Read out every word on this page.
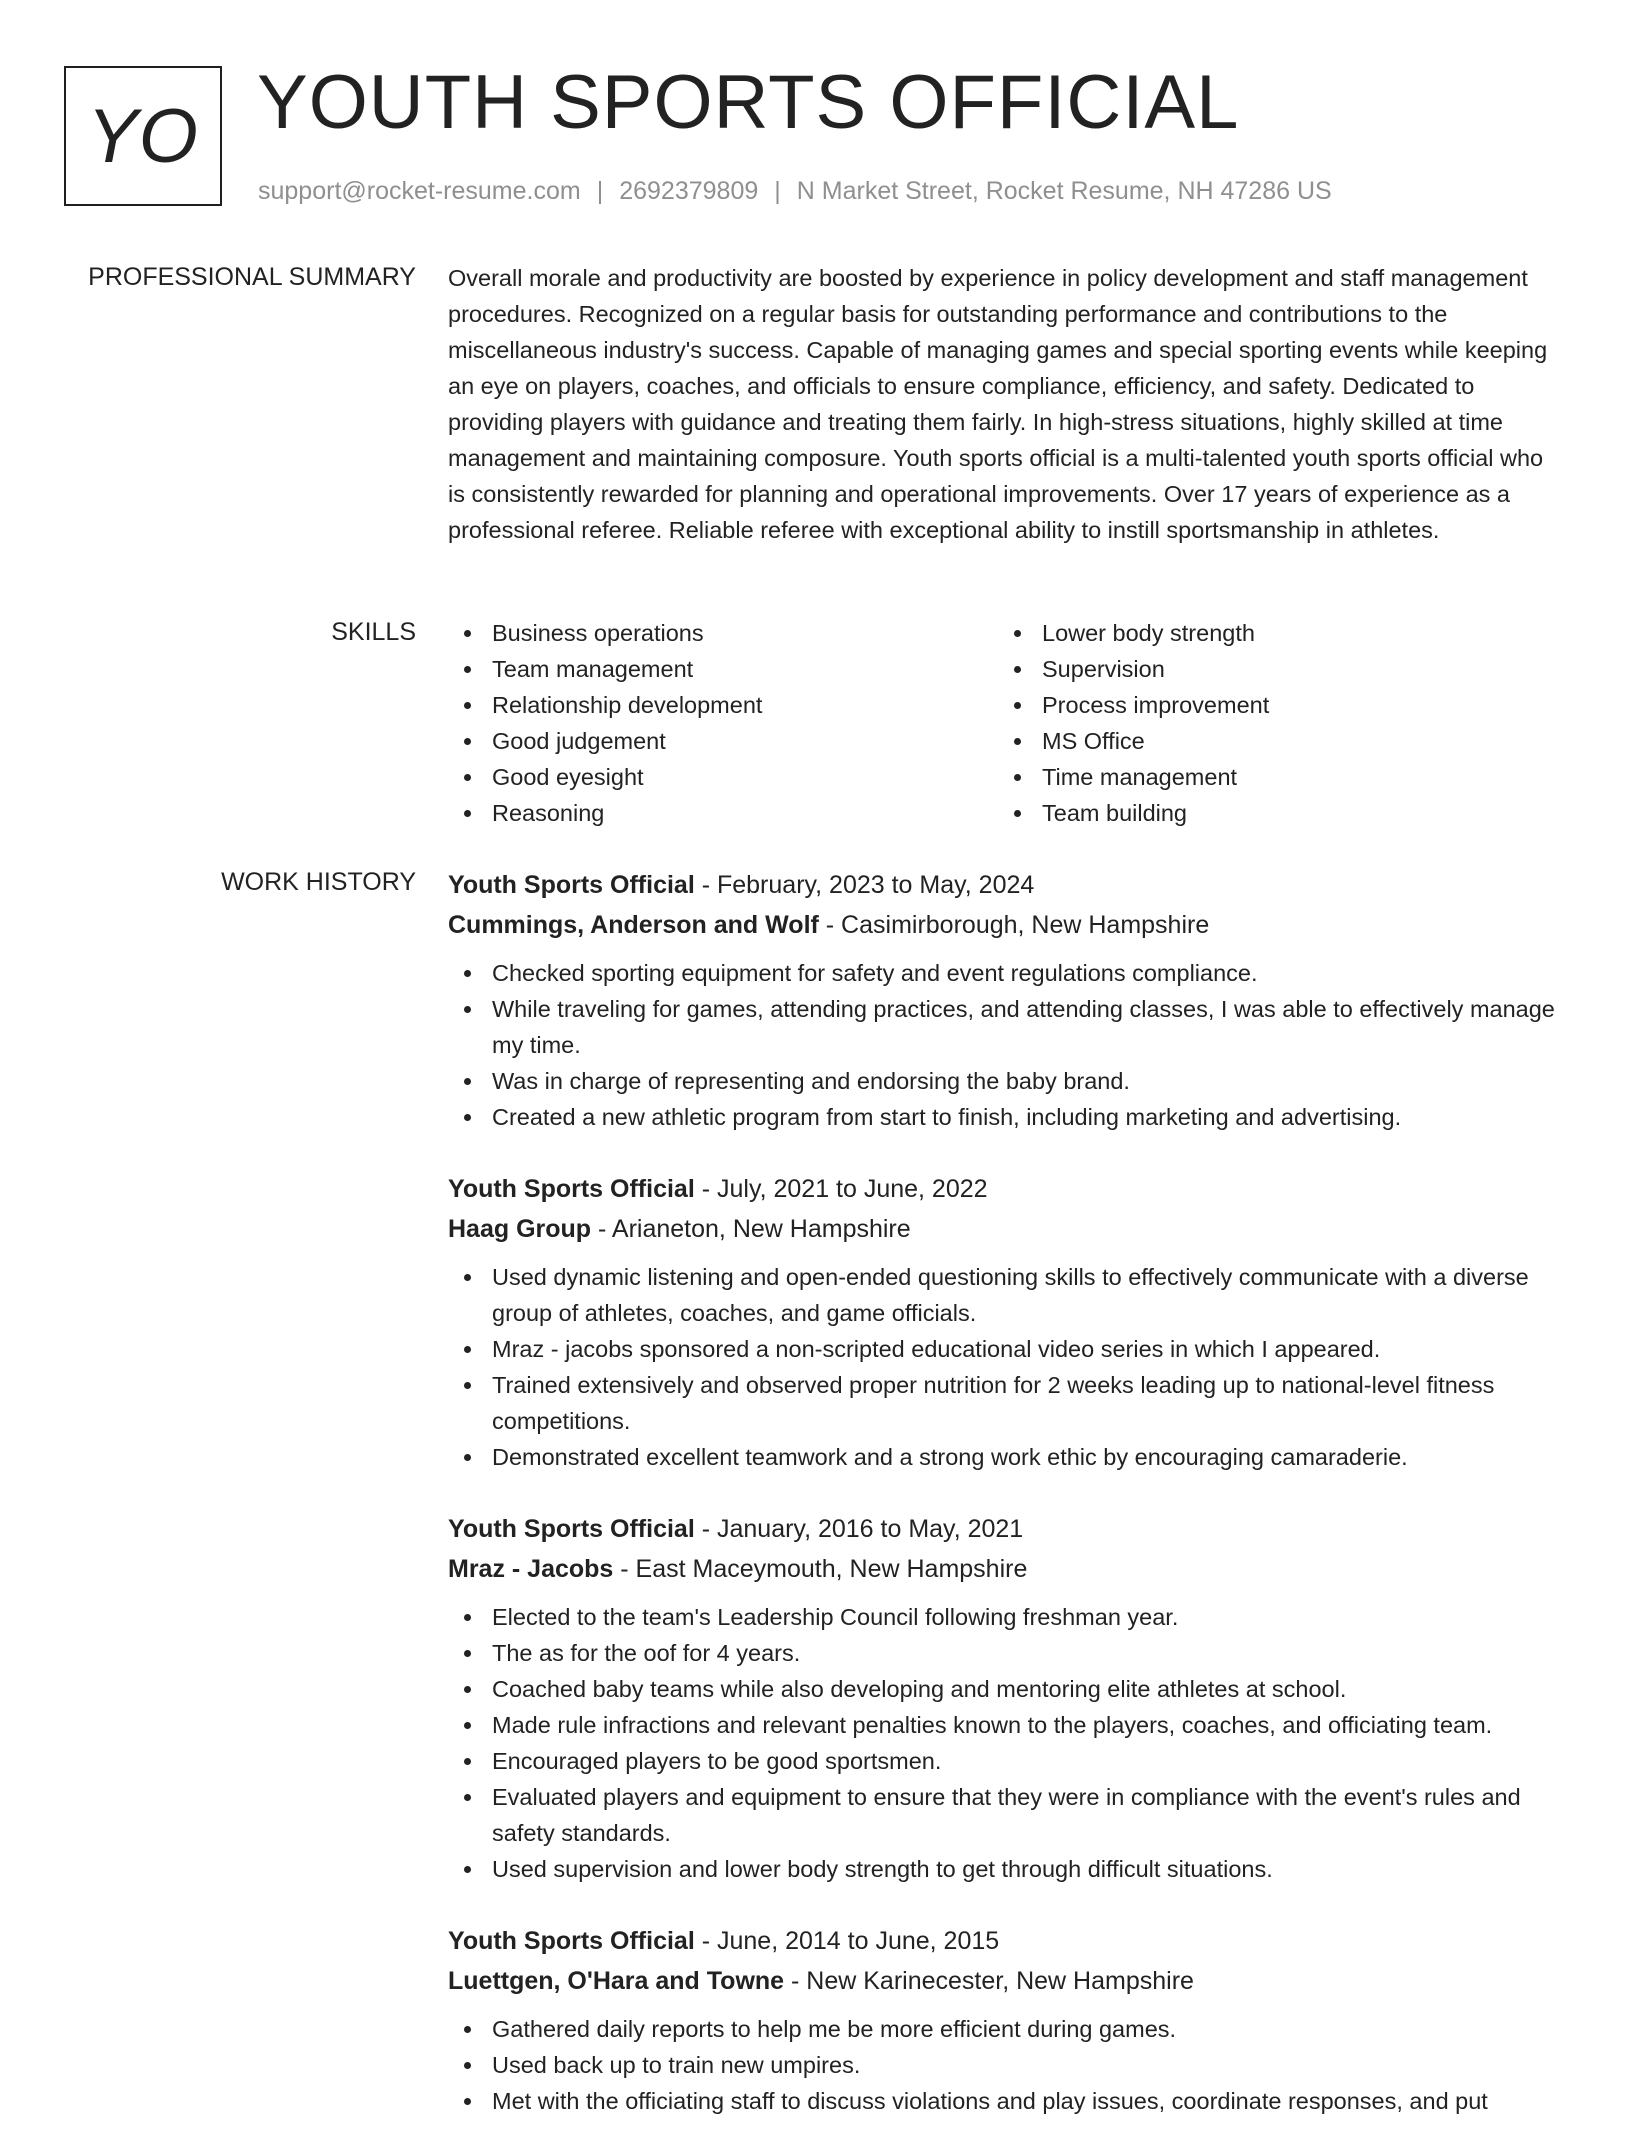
YO YOUTH SPORTS OFFICIAL
support@rocket-resume.com | 2692379809 | N Market Street, Rocket Resume, NH 47286 US
PROFESSIONAL SUMMARY Overall morale and productivity are boosted by experience in policy development and staff management procedures. Recognized on a regular basis for outstanding performance and contributions to the miscellaneous industry's success. Capable of managing games and special sporting events while keeping an eye on players, coaches, and officials to ensure compliance, efficiency, and safety. Dedicated to providing players with guidance and treating them fairly. In high-stress situations, highly skilled at time management and maintaining composure. Youth sports official is a multi-talented youth sports official who is consistently rewarded for planning and operational improvements. Over 17 years of experience as a professional referee. Reliable referee with exceptional ability to instill sportsmanship in athletes.

SKILLS	Business operations
Team management
Relationship development
Good judgement
Good eyesight
Reasoning
Lower body strength
Supervision
Process improvement
MS Office
Time management
Team building
WORK HISTORY Youth Sports Official - February, 2023 to May, 2024
Cummings, Anderson and Wolf - Casimirborough, New Hampshire
Checked sporting equipment for safety and event regulations compliance.
While traveling for games, attending practices, and attending classes, I was able to effectively manage my time.
Was in charge of representing and endorsing the baby brand.
Created a new athletic program from start to finish, including marketing and advertising.
Youth Sports Official - July, 2021 to June, 2022
Haag Group - Arianeton, New Hampshire
Used dynamic listening and open-ended questioning skills to effectively communicate with a diverse group of athletes, coaches, and game officials.
Mraz - jacobs sponsored a non-scripted educational video series in which I appeared.
Trained extensively and observed proper nutrition for 2 weeks leading up to national-level fitness competitions.
Demonstrated excellent teamwork and a strong work ethic by encouraging camaraderie.
Youth Sports Official - January, 2016 to May, 2021
Mraz - Jacobs - East Maceymouth, New Hampshire
Elected to the team's Leadership Council following freshman year.
The as for the oof for 4 years.
Coached baby teams while also developing and mentoring elite athletes at school.
Made rule infractions and relevant penalties known to the players, coaches, and officiating team.
Encouraged players to be good sportsmen.
Evaluated players and equipment to ensure that they were in compliance with the event's rules and safety standards.
Used supervision and lower body strength to get through difficult situations.
Youth Sports Official - June, 2014 to June, 2015
Luettgen, O'Hara and Towne - New Karinecester, New Hampshire
Gathered daily reports to help me be more efficient during games.
Used back up to train new umpires.
Met with the officiating staff to discuss violations and play issues, coordinate responses, and put
